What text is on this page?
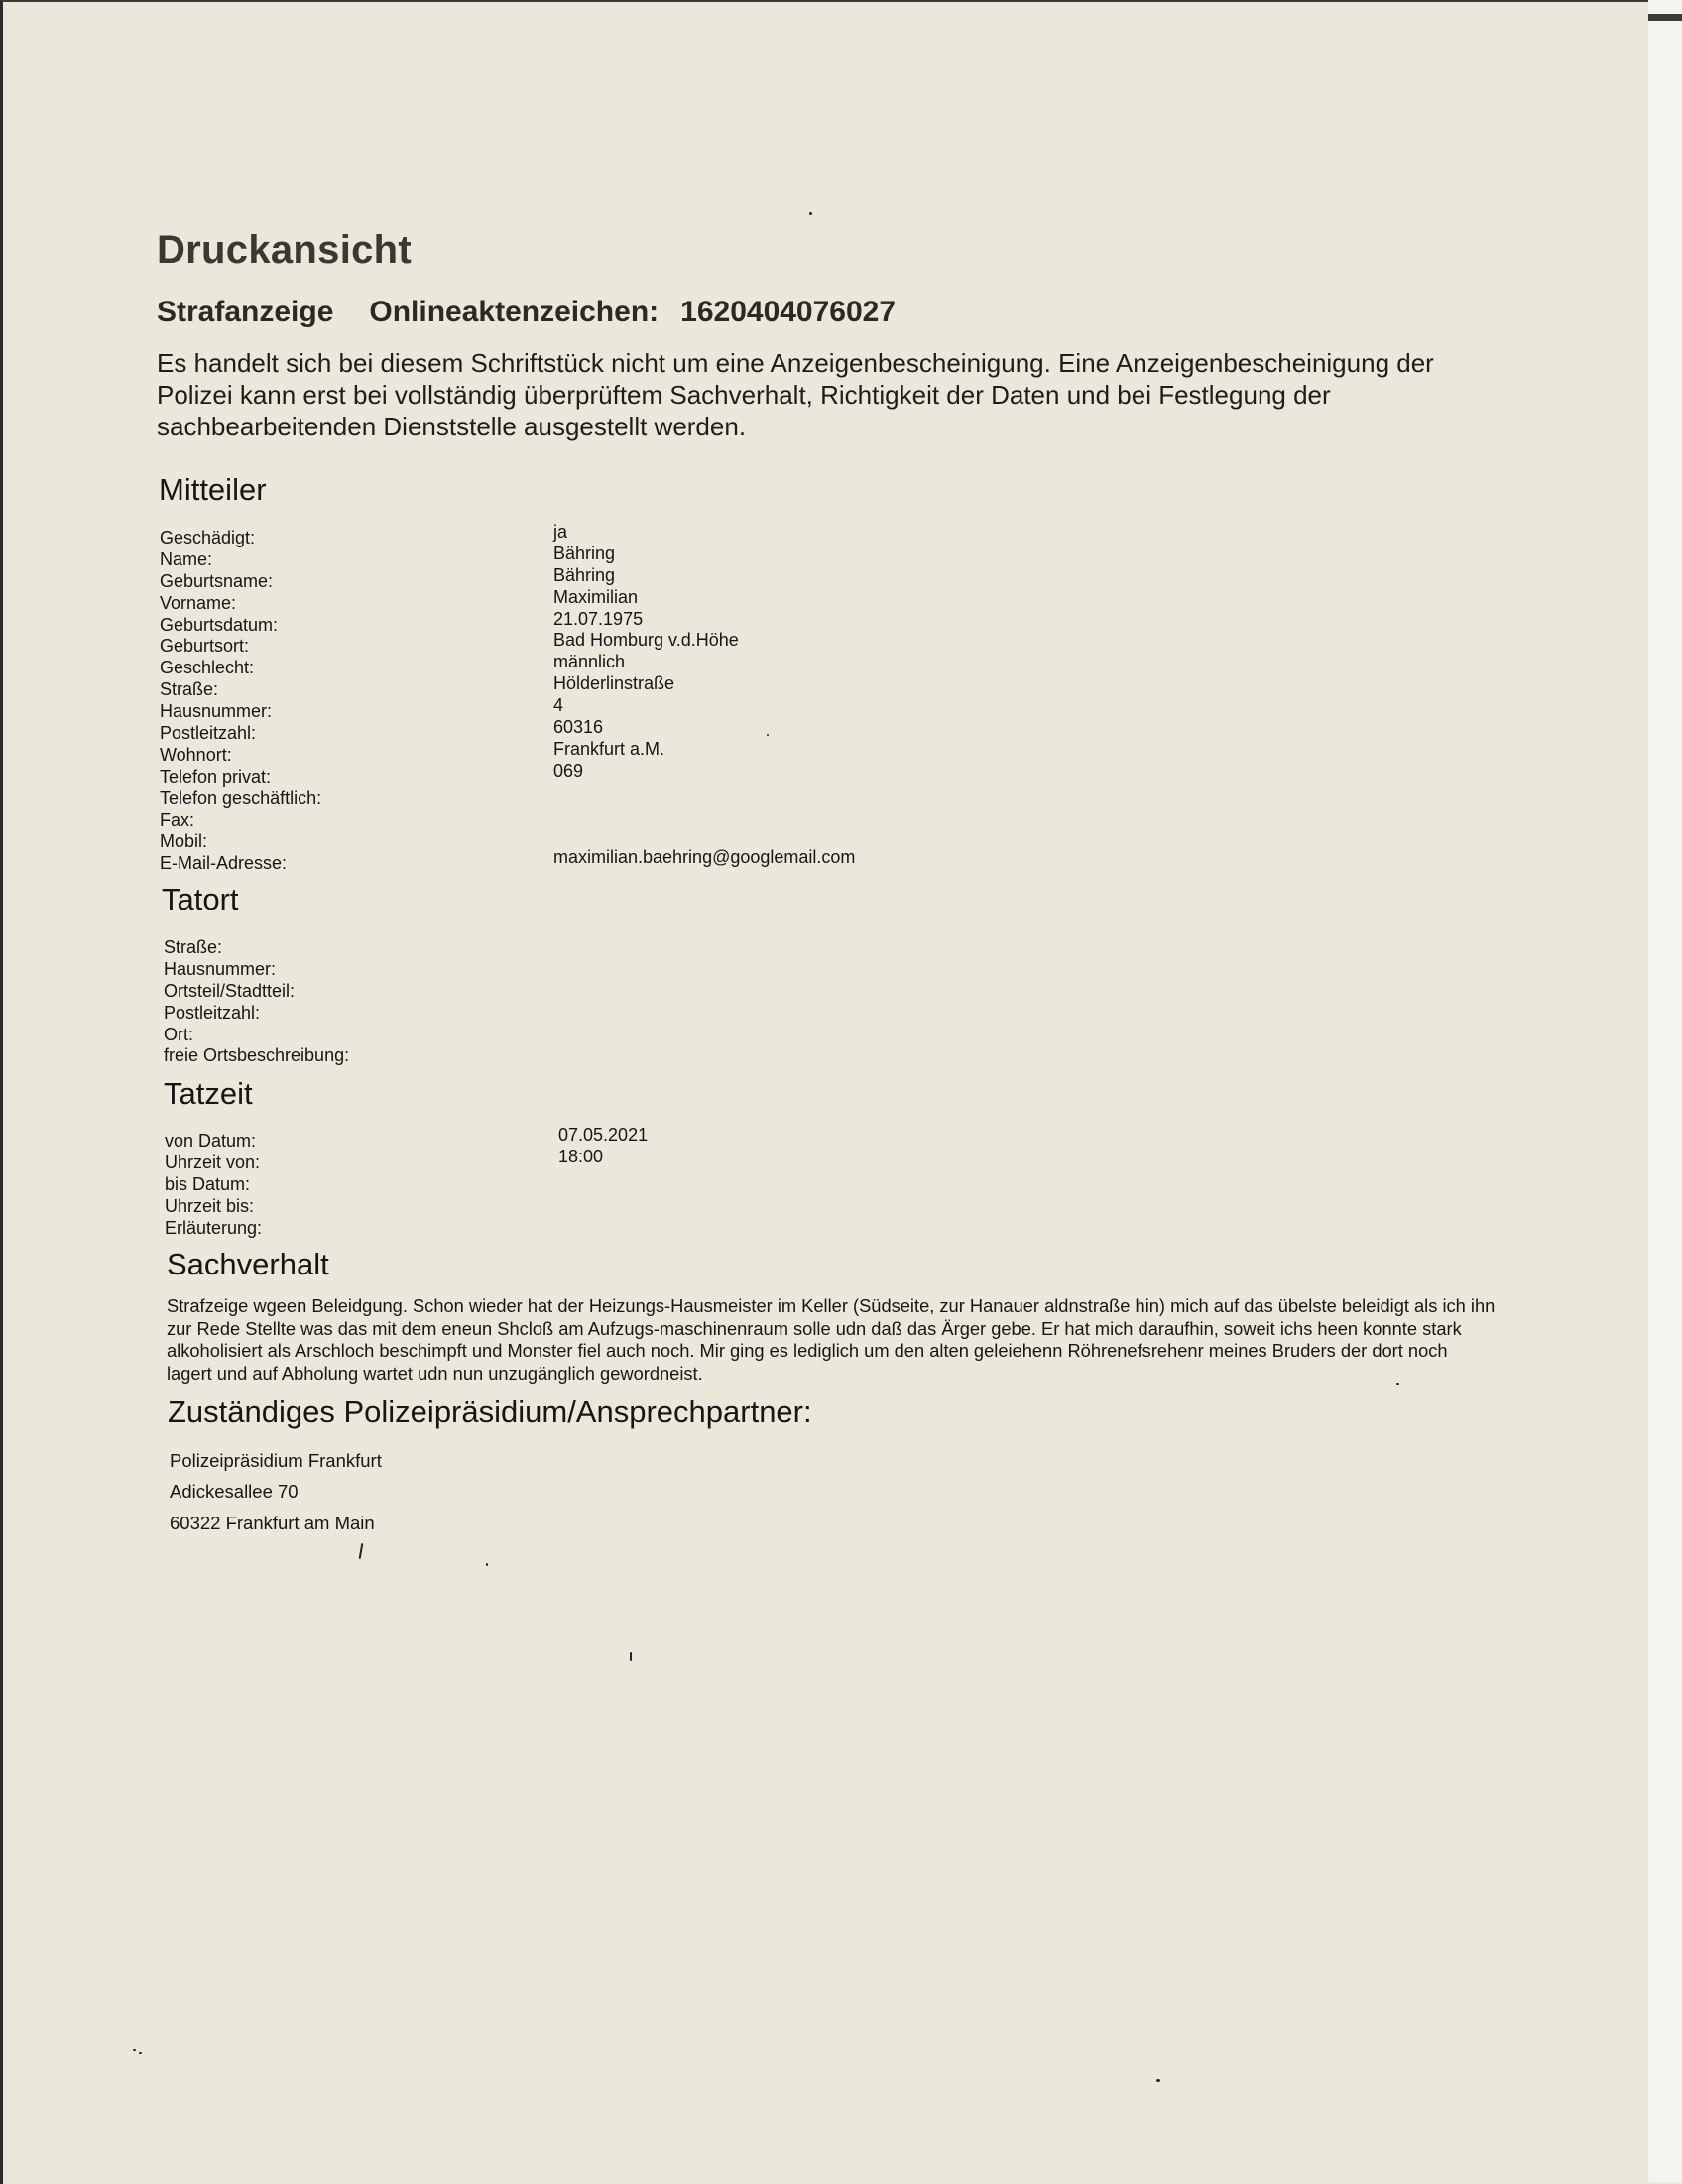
Druckansicht
Strafanzeige Onlineaktenzeichen: 1620404076027
Es handelt sich bei diesem Schriftstück nicht um eine Anzeigenbescheinigung. Eine Anzeigenbescheinigung der Polizei kann erst bei vollständig überprüftem Sachverhalt, Richtigkeit der Daten und bei Festlegung der sachbearbeitenden Dienststelle ausgestellt werden.
Mitteiler
Geschädigt:	ja
Name:	Bähring
Geburtsname:	Bähring
Vorname:	Maximilian
Geburtsdatum:	21.07.1975
Geburtsort:	Bad Homburg v.d.Höhe
Geschlecht:	männlich
Straße:	Hölderlinstraße
Hausnummer:	4
Postleitzahl:	60316
Wohnort:	Frankfurt a.M.
Telefon privat:	069
Telefon geschäftlich:
Fax:
Mobil:
E-Mail-Adresse:	maximilian.baehring@googlemail.com
Tatort
Straße:
Hausnummer:
Ortsteil/Stadtteil:
Postleitzahl:
Ort:
freie Ortsbeschreibung:
Tatzeit
von Datum:	07.05.2021
Uhrzeit von:	18:00
bis Datum:
Uhrzeit bis:
Erläuterung:
Sachverhalt
Strafzeige wgeen Beleidgung. Schon wieder hat der Heizungs-Hausmeister im Keller (Südseite, zur Hanauer aldnstraße hin) mich auf das übelste beleidigt als ich ihn zur Rede Stellte was das mit dem eneun Shcloß am Aufzugs-maschinenraum solle udn daß das Ärger gebe. Er hat mich daraufhin, soweit ichs heen konnte stark alkoholisiert als Arschloch beschimpft und Monster fiel auch noch. Mir ging es lediglich um den alten geleiehenn Röhrenefsrehenr meines Bruders der dort noch lagert und auf Abholung wartet udn nun unzugänglich gewordneist.
Zuständiges Polizeipräsidium/Ansprechpartner:
Polizeipräsidium Frankfurt
Adickesallee 70
60322 Frankfurt am Main
